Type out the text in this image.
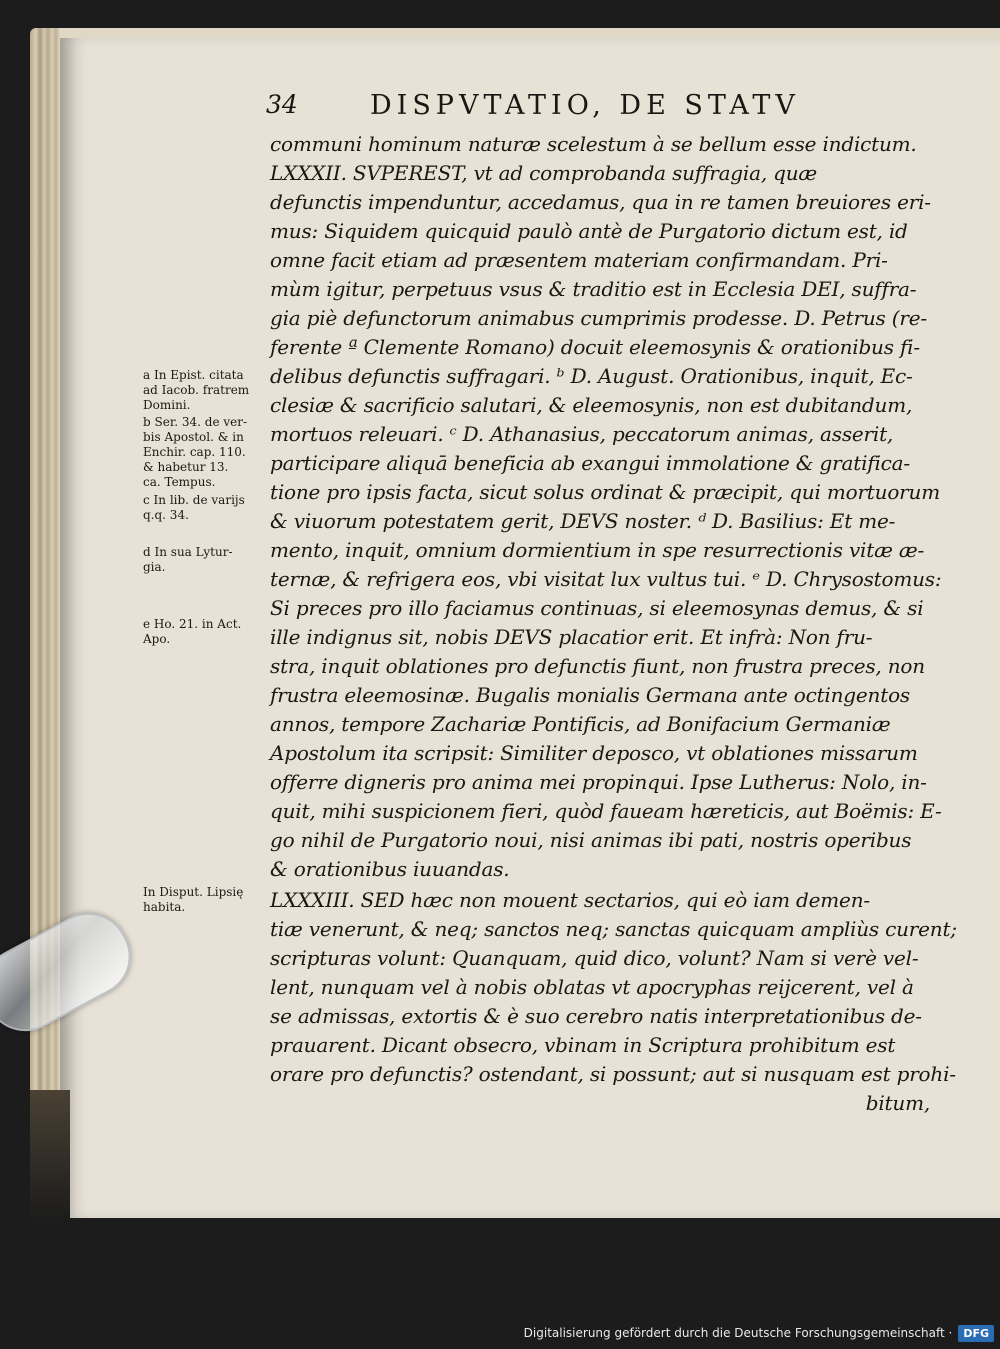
34	DISPVTATIO, DE STATV
communi hominum naturæ scelestum à se bellum esse indictum.
LXXXII. SVPEREST, vt ad comprobanda suffragia, quæ
defunctis impenduntur, accedamus, qua in re tamen breuiores eri-
mus: Siquidem quicquid paulò antè de Purgatorio dictum est, id
omne facit etiam ad præsentem materiam confirmandam. Pri-
mùm igitur, perpetuus vsus & traditio est in Ecclesia DEI, suffra-
gia piè defunctorum animabus cumprimis prodesse. D. Petrus (re-
ferente ª Clemente Romano) docuit eleemosynis & orationibus fi-
delibus defunctis suffragari. ᵇ D. August. Orationibus, inquit, Ec-
clesiæ & sacrificio salutari, & eleemosynis, non est dubitandum,
mortuos releuari. ᶜ D. Athanasius, peccatorum animas, asserit,
participare aliquā beneficia ab exangui immolatione & gratifica-
tione pro ipsis facta, sicut solus ordinat & præcipit, qui mortuorum
& viuorum potestatem gerit, DEVS noster. ᵈ D. Basilius: Et me-
mento, inquit, omnium dormientium in spe resurrectionis vitæ æ-
ternæ, & refrigera eos, vbi visitat lux vultus tui. ᵉ D. Chrysostomus:
Si preces pro illo faciamus continuas, si eleemosynas demus, & si
ille indignus sit, nobis DEVS placatior erit. Et infrà: Non fru-
stra, inquit oblationes pro defunctis fiunt, non frustra preces, non
frustra eleemosinæ. Bugalis monialis Germana ante octingentos
annos, tempore Zachariæ Pontificis, ad Bonifacium Germaniæ
Apostolum ita scripsit: Similiter deposco, vt oblationes missarum
offerre digneris pro anima mei propinqui. Ipse Lutherus: Nolo, in-
quit, mihi suspicionem fieri, quòd faueam hæreticis, aut Boëmis: E-
go nihil de Purgatorio noui, nisi animas ibi pati, nostris operibus
& orationibus iuuandas.
LXXXIII. SED hæc non mouent sectarios, qui eò iam demen-
tiæ venerunt, & neq; sanctos neq; sanctas quicquam ampliùs curent;
scripturas volunt: Quanquam, quid dico, volunt? Nam si verè vel-
lent, nunquam vel à nobis oblatas vt apocryphas reijcerent, vel à
se admissas, extortis & è suo cerebro natis interpretationibus de-
prauarent. Dicant obsecro, vbinam in Scriptura prohibitum est
orare pro defunctis? ostendant, si possunt; aut si nusquam est prohi-
bitum,
a In Epist. citata
ad Iacob. fratrem
Domini.
b Ser. 34. de ver-
bis Apostol. & in
Enchir. cap. 110.
& habetur 13.
ca. Tempus.
c In lib. de varijs
q.q. 34.
d In sua Lytur-
gia.
e Ho. 21. in Act.
Apo.
In Disput. Lipsię
habita.
Digitalisierung gefördert durch die Deutsche Forschungsgemeinschaft ·	DFG
